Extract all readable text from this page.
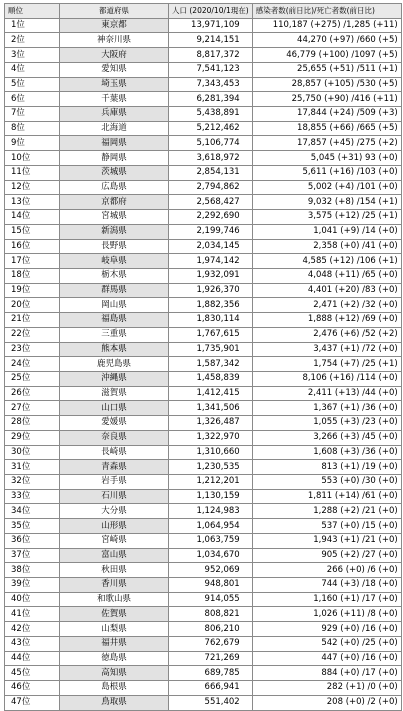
順位	都道府県	人口 (2020/10/1現在)	感染者数(前日比)/死亡者数(前日比)
1位	東京都	13,971,109	110,187 (+275) /1,285 (+11)
2位	神奈川県	9,214,151	44,270 (+97) /660 (+5)
3位	大阪府	8,817,372	46,779 (+100) /1097 (+5)
4位	愛知県	7,541,123	25,655 (+51) /511 (+1)
5位	埼玉県	7,343,453	28,857 (+105) /530 (+5)
6位	千葉県	6,281,394	25,750 (+90) /416 (+11)
7位	兵庫県	5,438,891	17,844 (+24) /509 (+3)
8位	北海道	5,212,462	18,855 (+66) /665 (+5)
9位	福岡県	5,106,774	17,857 (+45) /275 (+2)
10位	静岡県	3,618,972	5,045 (+31) 93 (+0)
11位	茨城県	2,854,131	5,611 (+16) /103 (+0)
12位	広島県	2,794,862	5,002 (+4) /101 (+0)
13位	京都府	2,568,427	9,032 (+8) /154 (+1)
14位	宮城県	2,292,690	3,575 (+12) /25 (+1)
15位	新潟県	2,199,746	1,041 (+9) /14 (+0)
16位	長野県	2,034,145	2,358 (+0) /41 (+0)
17位	岐阜県	1,974,142	4,585 (+12) /106 (+1)
18位	栃木県	1,932,091	4,048 (+11) /65 (+0)
19位	群馬県	1,926,370	4,401 (+20) /83 (+0)
20位	岡山県	1,882,356	2,471 (+2) /32 (+0)
21位	福島県	1,830,114	1,888 (+12) /69 (+0)
22位	三重県	1,767,615	2,476 (+6) /52 (+2)
23位	熊本県	1,735,901	3,437 (+1) /72 (+0)
24位	鹿児島県	1,587,342	1,754 (+7) /25 (+1)
25位	沖縄県	1,458,839	8,106 (+16) /114 (+0)
26位	滋賀県	1,412,415	2,411 (+13) /44 (+0)
27位	山口県	1,341,506	1,367 (+1) /36 (+0)
28位	愛媛県	1,326,487	1,055 (+3) /23 (+0)
29位	奈良県	1,322,970	3,266 (+3) /45 (+0)
30位	長崎県	1,310,660	1,608 (+3) /36 (+0)
31位	青森県	1,230,535	813 (+1) /19 (+0)
32位	岩手県	1,212,201	553 (+0) /30 (+0)
33位	石川県	1,130,159	1,811 (+14) /61 (+0)
34位	大分県	1,124,983	1,288 (+2) /21 (+0)
35位	山形県	1,064,954	537 (+0) /15 (+0)
36位	宮崎県	1,063,759	1,943 (+1) /21 (+0)
37位	富山県	1,034,670	905 (+2) /27 (+0)
38位	秋田県	952,069	266 (+0) /6 (+0)
39位	香川県	948,801	744 (+3) /18 (+0)
40位	和歌山県	914,055	1,160 (+1) /17 (+0)
41位	佐賀県	808,821	1,026 (+11) /8 (+0)
42位	山梨県	806,210	929 (+0) /16 (+0)
43位	福井県	762,679	542 (+0) /25 (+0)
44位	徳島県	721,269	447 (+0) /16 (+0)
45位	高知県	689,785	884 (+0) /17 (+0)
46位	島根県	666,941	282 (+1) /0 (+0)
47位	鳥取県	551,402	208 (+0) /2 (+0)
